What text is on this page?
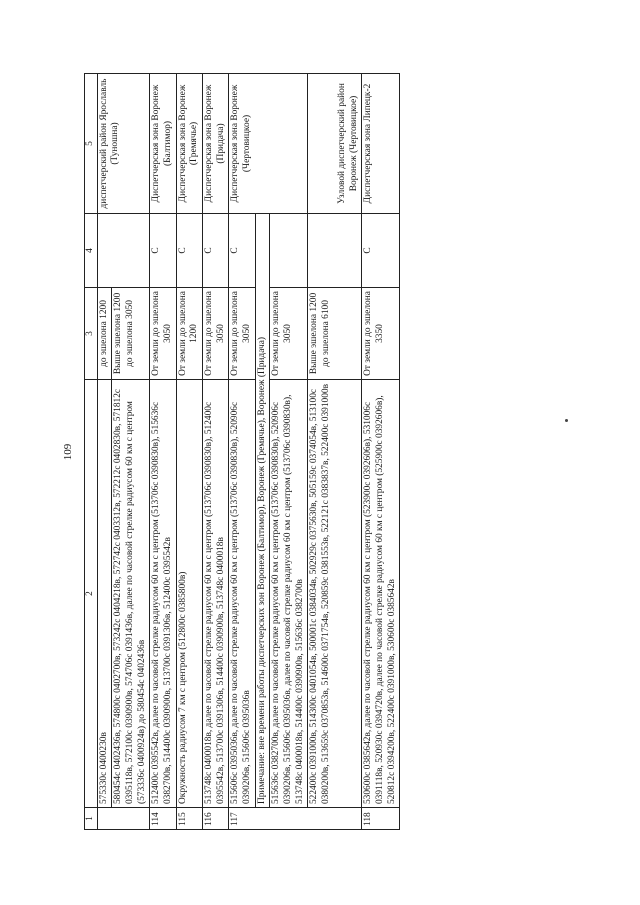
109
1	2	3	4	5
	575330c 0400230в	до эшелона 1200		диспетчерский район Ярославль (Туношна)
	580454c 0402436в, 574800c 0402700в, 573242c 0404218в, 572742c 0403312в, 572212c 0402830в, 571812c 0395118в, 572100c 0390900в, 574706c 0391436в, далее по часовой стрелке радиусом 60 км с центром (573336c 0400924в) до 580454c 0402436в	Выше эшелона 1200 до эшелона 3050		
114	512400c 0395542в, далее по часовой стрелке радиусом 60 км с центром (513706c 0390830в), 515636c 0382700в, 514400c 0390900в, 513700c 0391306в, 512400c 0395542в	От земли до эшелона 3050	С	Диспетчерская зона Воронеж (Балтимор)
115	Окружность радиусом 7 км с центром (512800c 0385800в)	От земли до эшелона 1200	С	Диспетчерская зона Воронеж (Гремячье)
116	513748c 0400018в, далее по часовой стрелке радиусом 60 км с центром (513706c 0390830в), 512400c 0395542в, 513700c 0391306в, 514400c 0390900в, 513748c 0400018в	От земли до эшелона 3050	С	Диспетчерская зона Воронеж (Придача)
117	515606c 0395036в, далее по часовой стрелке радиусом 60 км с центром (513706c 0390830в), 520906c 0390206в, 515606c 0395036в	От земли до эшелона 3050	С	Диспетчерская зона Воронеж (Чертовицкое)
	Примечание: вне времени работы диспетчерских зон Воронеж (Балтимор), Воронеж (Гремячье), Воронеж (Придача)			
	515636c 0382700в, далее по часовой стрелке радиусом 60 км с центром (513706c 0390830в), 520906c 0390206в, 515606c 0395036в, далее по часовой стрелке радиусом 60 км с центром (513706c 0390830в), 513748c 0400018в, 514400c 0390900в, 515636c 0382700в	От земли до эшелона 3050		
	522400c 0391000в, 514300c 0401054в, 500001c 0384034в, 502929c 0375630в, 505159c 0374054в, 513100c 0380200в, 513659c 0370853в, 514600c 0371754в, 520859c 0381553в, 522121c 0383837в, 522400c 0391000в	Выше эшелона 1200 до эшелона 6100		Узловой диспетчерский район Воронеж (Чертовицкое)
118	530600c 0385642в, далее по часовой стрелке радиусом 60 км с центром (523900c 0392606в), 531006c 0391118в, 520930c 0394720в, далее по часовой стрелке радиусом 60 км с центром (525900c 0392606в), 520812c 0394200в, 522400c 0391000в, 530600c 0385642в	От земли до эшелона 3350	С	Диспетчерская зона Липецк-2
